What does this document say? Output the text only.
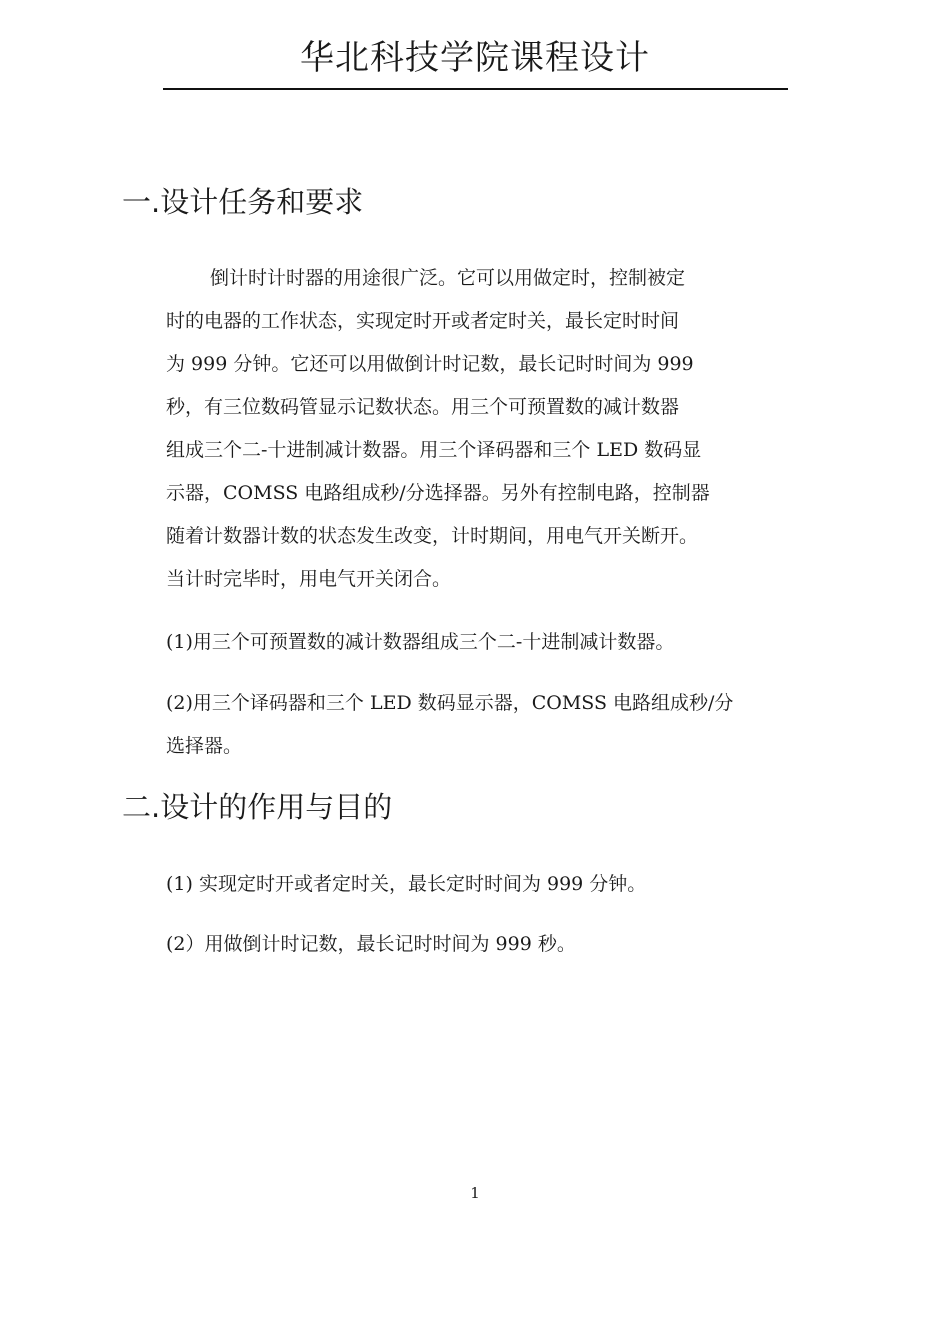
华北科技学院课程设计
一.设计任务和要求
倒计时计时器的用途很广泛。它可以用做定时，控制被定
时的电器的工作状态，实现定时开或者定时关，最长定时时间
为 999 分钟。它还可以用做倒计时记数，最长记时时间为 999
秒，有三位数码管显示记数状态。用三个可预置数的减计数器
组成三个二-十进制减计数器。用三个译码器和三个 LED 数码显
示器，COMSS 电路组成秒/分选择器。另外有控制电路，控制器
随着计数器计数的状态发生改变，计时期间，用电气开关断开。
当计时完毕时，用电气开关闭合。
(1)用三个可预置数的减计数器组成三个二-十进制减计数器。
(2)用三个译码器和三个 LED 数码显示器，COMSS 电路组成秒/分
选择器。
二.设计的作用与目的
(1) 实现定时开或者定时关，最长定时时间为 999 分钟。
(2）用做倒计时记数，最长记时时间为 999 秒。
1
